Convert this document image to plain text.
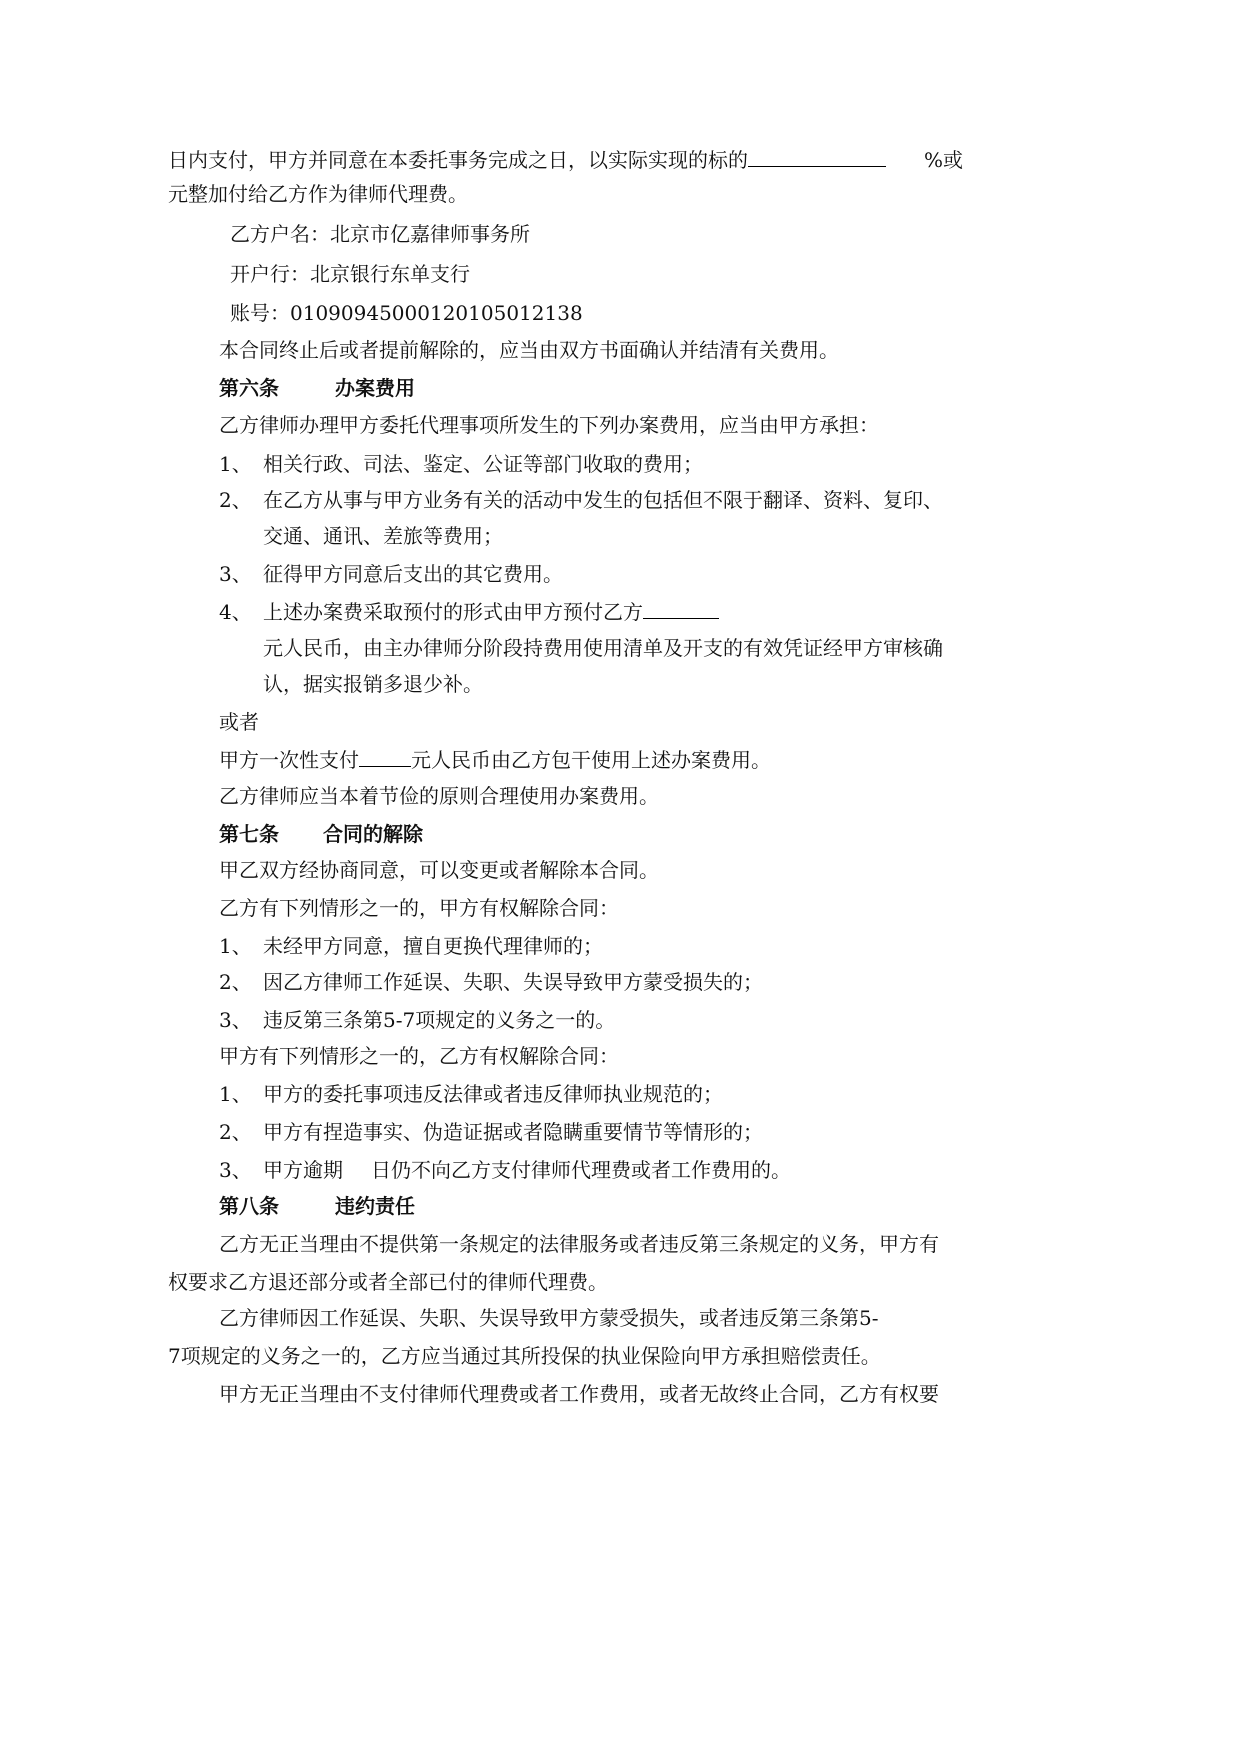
日内支付，甲方并同意在本委托事务完成之日，以实际实现的标的	%或
元整加付给乙方作为律师代理费。
乙方户名：北京市亿嘉律师事务所
开户行：北京银行东单支行
账号：01090945000120105012138
本合同终止后或者提前解除的，应当由双方书面确认并结清有关费用。
第六条	办案费用
乙方律师办理甲方委托代理事项所发生的下列办案费用，应当由甲方承担：
1、 相关行政、司法、鉴定、公证等部门收取的费用；
2、 在乙方从事与甲方业务有关的活动中发生的包括但不限于翻译、资料、复印、
交通、通讯、差旅等费用；
3、 征得甲方同意后支出的其它费用。
4、 上述办案费采取预付的形式由甲方预付乙方
元人民币，由主办律师分阶段持费用使用清单及开支的有效凭证经甲方审核确
认，据实报销多退少补。
或者
甲方一次性支付	元人民币由乙方包干使用上述办案费用。
乙方律师应当本着节俭的原则合理使用办案费用。
第七条 合同的解除
甲乙双方经协商同意，可以变更或者解除本合同。
乙方有下列情形之一的，甲方有权解除合同：
1、 未经甲方同意，擅自更换代理律师的；
2、 因乙方律师工作延误、失职、失误导致甲方蒙受损失的；
3、 违反第三条第5-7项规定的义务之一的。
甲方有下列情形之一的，乙方有权解除合同：
1、 甲方的委托事项违反法律或者违反律师执业规范的；
2、 甲方有捏造事实、伪造证据或者隐瞒重要情节等情形的；
3、 甲方逾期 日仍不向乙方支付律师代理费或者工作费用的。
第八条	违约责任
乙方无正当理由不提供第一条规定的法律服务或者违反第三条规定的义务，甲方有
权要求乙方退还部分或者全部已付的律师代理费。
乙方律师因工作延误、失职、失误导致甲方蒙受损失，或者违反第三条第5-
7项规定的义务之一的，乙方应当通过其所投保的执业保险向甲方承担赔偿责任。
甲方无正当理由不支付律师代理费或者工作费用，或者无故终止合同，乙方有权要
